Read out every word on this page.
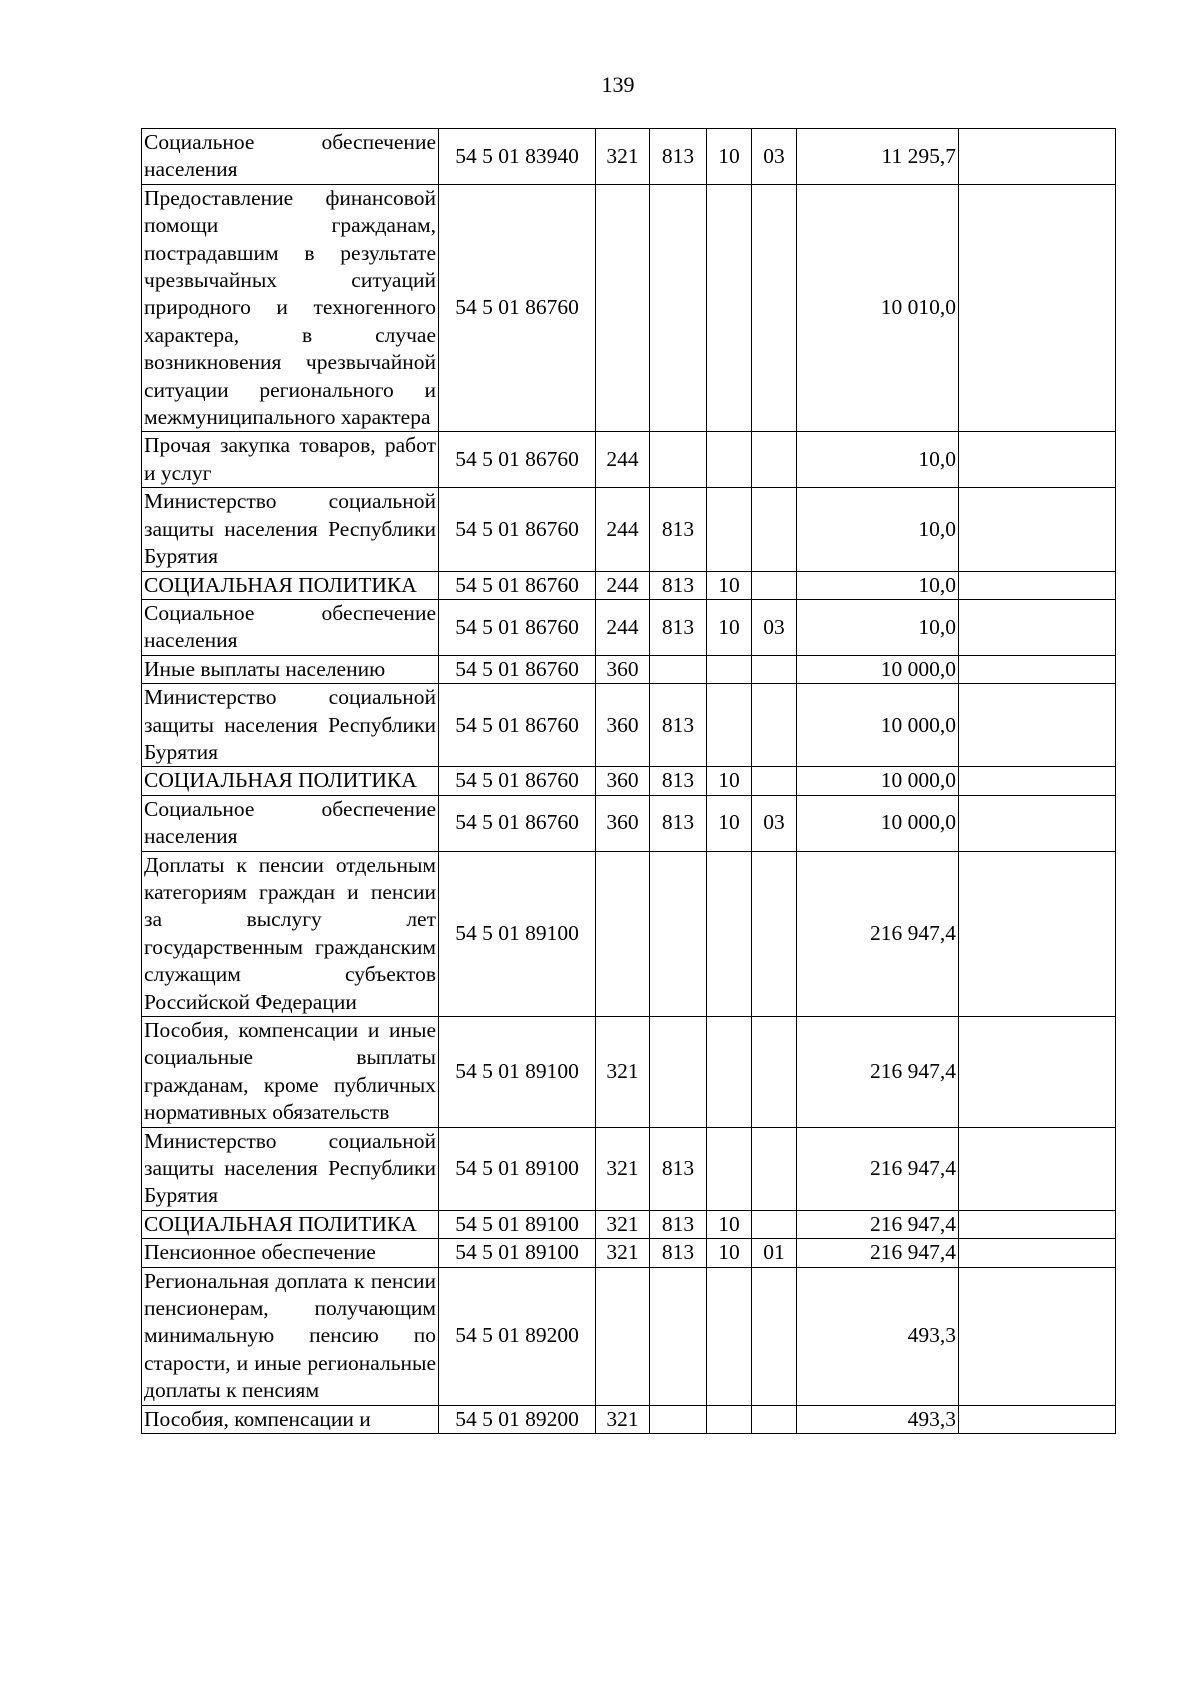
139
Социальное обеспечение населения	54 5 01 83940	321	813	10	03	11 295,7	
Предоставление финансовой помощи гражданам, пострадавшим в результате чрезвычайных ситуаций природного и техногенного характера, в случае возникновения чрезвычайной ситуации регионального и межмуниципального характера	54 5 01 86760					10 010,0	
Прочая закупка товаров, работ и услуг	54 5 01 86760	244				10,0	
Министерство социальной защиты населения Республики Бурятия	54 5 01 86760	244	813			10,0	
СОЦИАЛЬНАЯ ПОЛИТИКА	54 5 01 86760	244	813	10		10,0	
Социальное обеспечение населения	54 5 01 86760	244	813	10	03	10,0	
Иные выплаты населению	54 5 01 86760	360				10 000,0	
Министерство социальной защиты населения Республики Бурятия	54 5 01 86760	360	813			10 000,0	
СОЦИАЛЬНАЯ ПОЛИТИКА	54 5 01 86760	360	813	10		10 000,0	
Социальное обеспечение населения	54 5 01 86760	360	813	10	03	10 000,0	
Доплаты к пенсии отдельным категориям граждан и пенсии за выслугу лет государственным гражданским служащим субъектов Российской Федерации	54 5 01 89100					216 947,4	
Пособия, компенсации и иные социальные выплаты гражданам, кроме публичных нормативных обязательств	54 5 01 89100	321				216 947,4	
Министерство социальной защиты населения Республики Бурятия	54 5 01 89100	321	813			216 947,4	
СОЦИАЛЬНАЯ ПОЛИТИКА	54 5 01 89100	321	813	10		216 947,4	
Пенсионное обеспечение	54 5 01 89100	321	813	10	01	216 947,4	
Региональная доплата к пенсии пенсионерам, получающим минимальную пенсию по старости, и иные региональные доплаты к пенсиям	54 5 01 89200					493,3	
Пособия, компенсации и	54 5 01 89200	321				493,3	
